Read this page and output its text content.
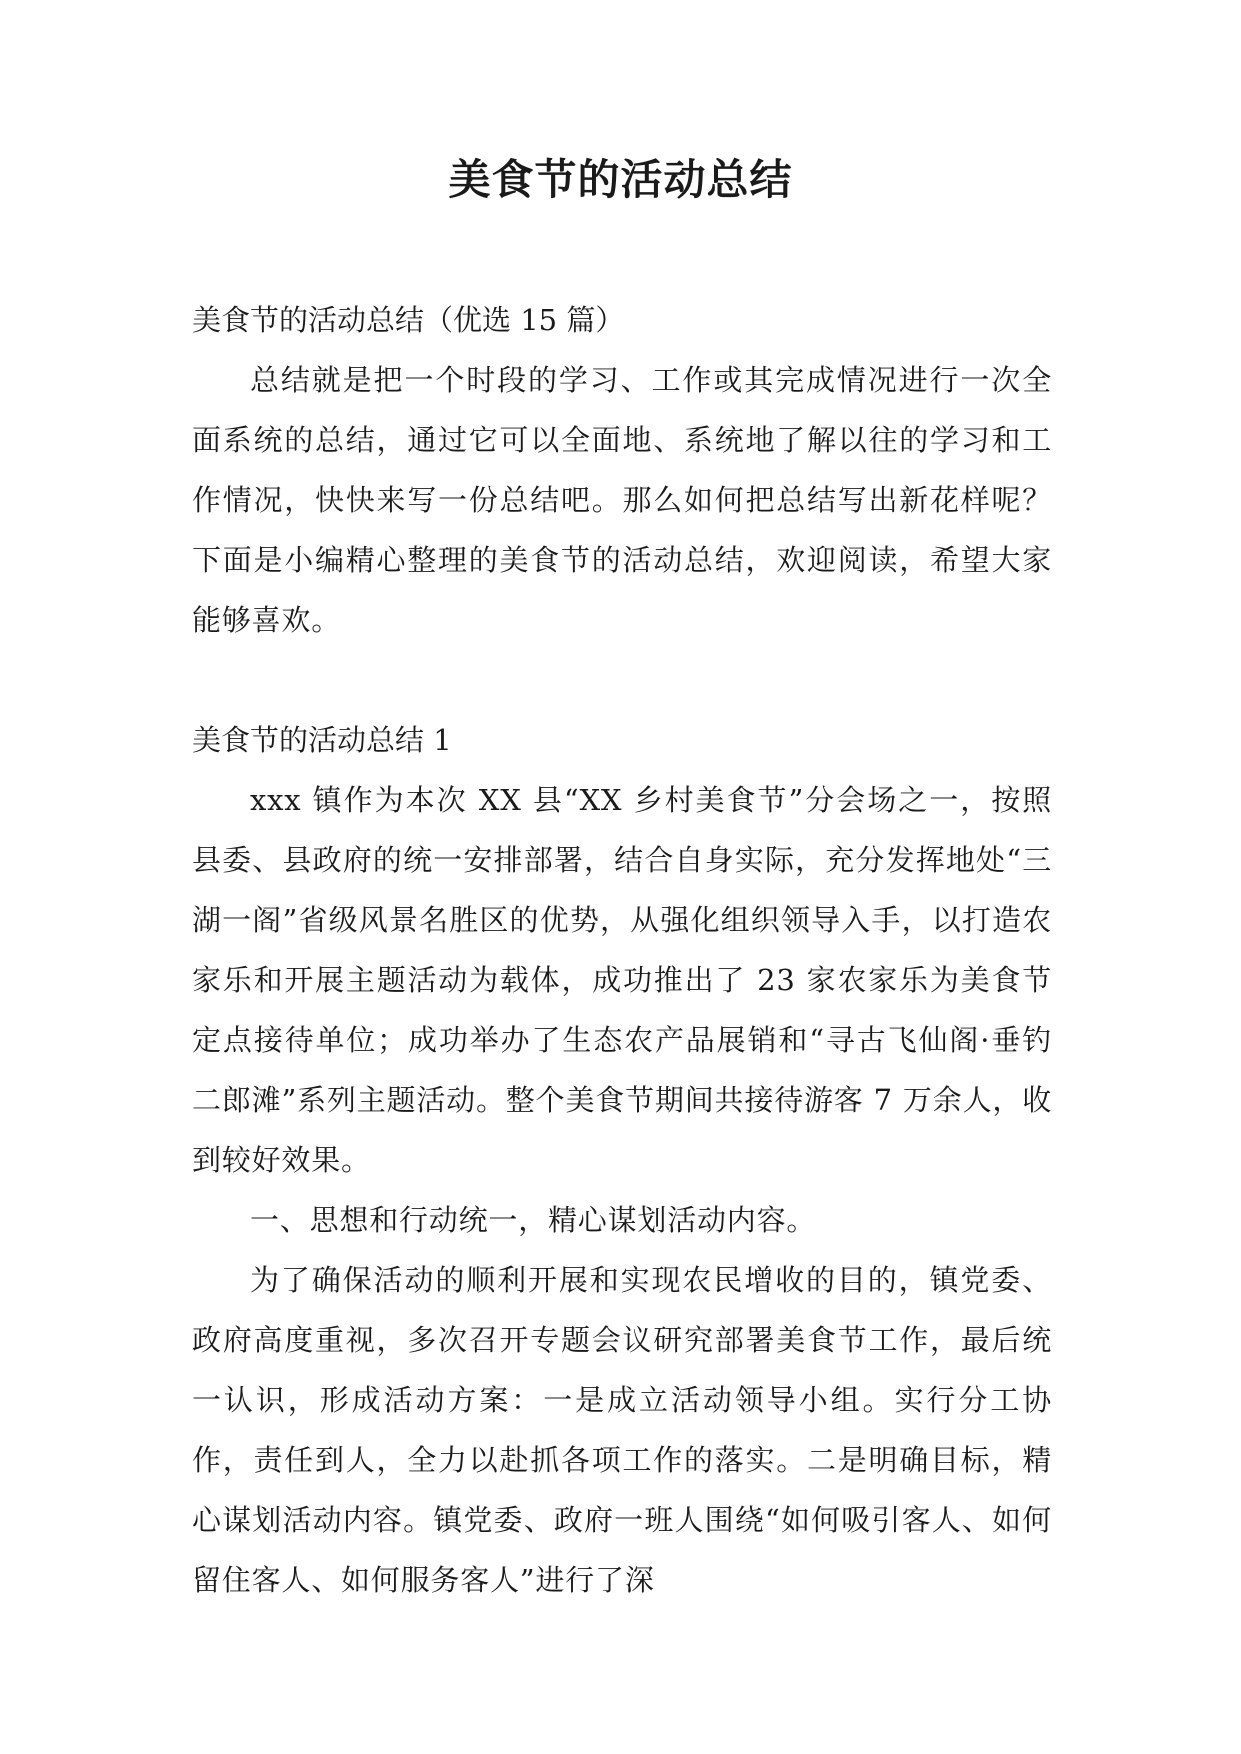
美食节的活动总结

美食节的活动总结（优选 15 篇）

总结就是把一个时段的学习、工作或其完成情况进行一次全面系统的总结，通过它可以全面地、系统地了解以往的学习和工作情况，快快来写一份总结吧。那么如何把总结写出新花样呢？下面是小编精心整理的美食节的活动总结，欢迎阅读，希望大家能够喜欢。

美食节的活动总结 1

xxx 镇作为本次 XX 县“XX 乡村美食节”分会场之一，按照县委、县政府的统一安排部署，结合自身实际，充分发挥地处“三湖一阁”省级风景名胜区的优势，从强化组织领导入手，以打造农家乐和开展主题活动为载体，成功推出了 23 家农家乐为美食节定点接待单位；成功举办了生态农产品展销和“寻古飞仙阁·垂钓二郎滩”系列主题活动。整个美食节期间共接待游客 7 万余人，收到较好效果。

一、思想和行动统一，精心谋划活动内容。

为了确保活动的顺利开展和实现农民增收的目的，镇党委、政府高度重视，多次召开专题会议研究部署美食节工作，最后统一认识，形成活动方案：一是成立活动领导小组。实行分工协作，责任到人，全力以赴抓各项工作的落实。二是明确目标，精心谋划活动内容。镇党委、政府一班人围绕“如何吸引客人、如何留住客人、如何服务客人”进行了深
